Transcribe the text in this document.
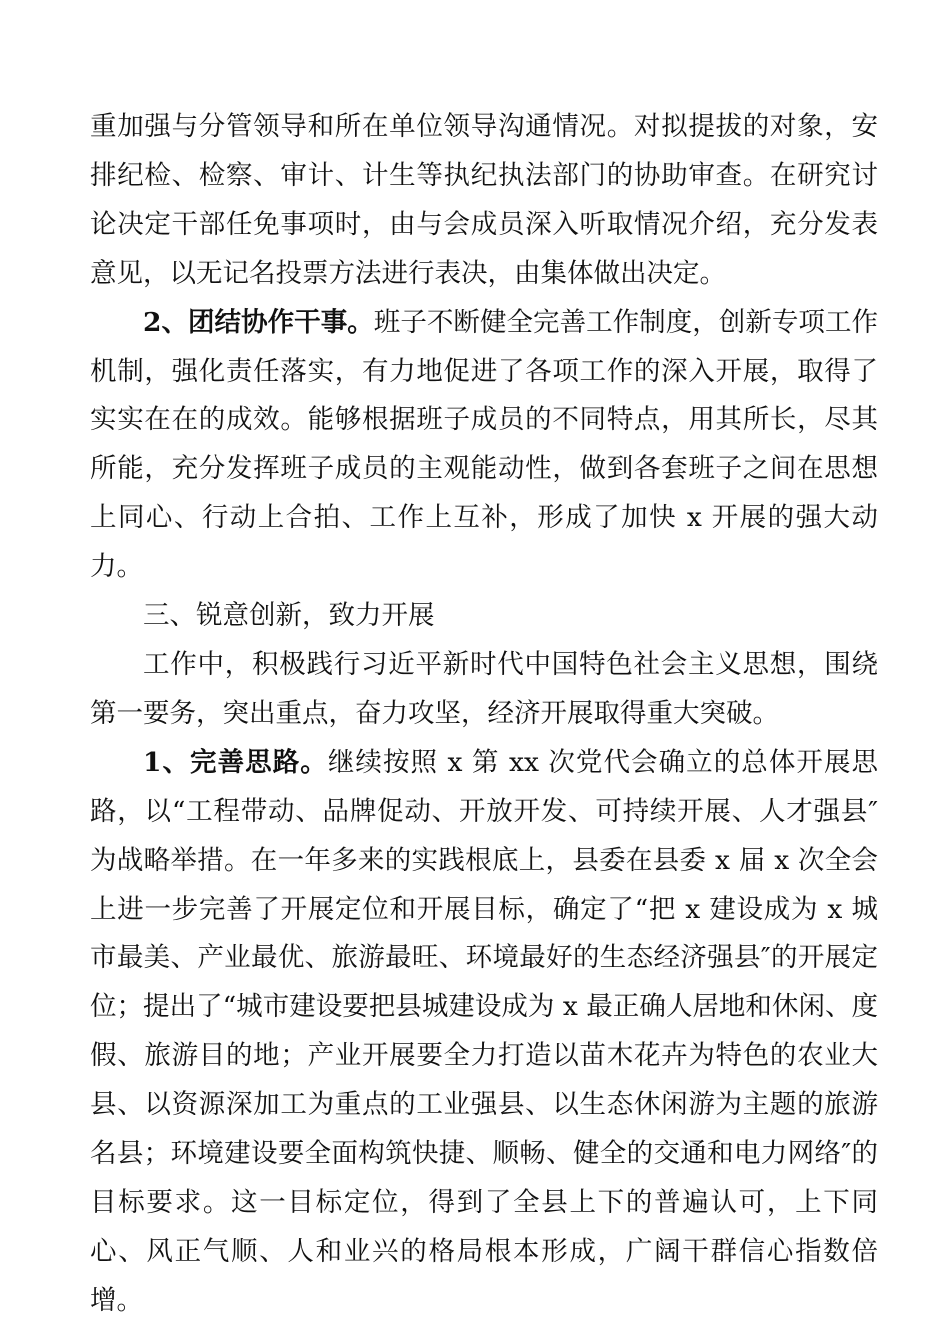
重加强与分管领导和所在单位领导沟通情况。对拟提拔的对象，安排纪检、检察、审计、计生等执纪执法部门的协助审查。在研究讨论决定干部任免事项时，由与会成员深入听取情况介绍，充分发表意见，以无记名投票方法进行表决，由集体做出决定。

2、团结协作干事。班子不断健全完善工作制度，创新专项工作机制，强化责任落实，有力地促进了各项工作的深入开展，取得了实实在在的成效。能够根据班子成员的不同特点，用其所长，尽其所能，充分发挥班子成员的主观能动性，做到各套班子之间在思想上同心、行动上合拍、工作上互补，形成了加快 x 开展的强大动力。

三、锐意创新，致力开展

工作中，积极践行习近平新时代中国特色社会主义思想，围绕第一要务，突出重点，奋力攻坚，经济开展取得重大突破。

1、完善思路。继续按照 x 第 xx 次党代会确立的总体开展思路，以“工程带动、品牌促动、开放开发、可持续开展、人才强县″为战略举措。在一年多来的实践根底上，县委在县委 x 届 x 次全会上进一步完善了开展定位和开展目标，确定了“把 x 建设成为 x 城市最美、产业最优、旅游最旺、环境最好的生态经济强县″的开展定位；提出了“城市建设要把县城建设成为 x 最正确人居地和休闲、度假、旅游目的地；产业开展要全力打造以苗木花卉为特色的农业大县、以资源深加工为重点的工业强县、以生态休闲游为主题的旅游名县；环境建设要全面构筑快捷、顺畅、健全的交通和电力网络″的目标要求。这一目标定位，得到了全县上下的普遍认可，上下同心、风正气顺、人和业兴的格局根本形成，广阔干群信心指数倍增。
